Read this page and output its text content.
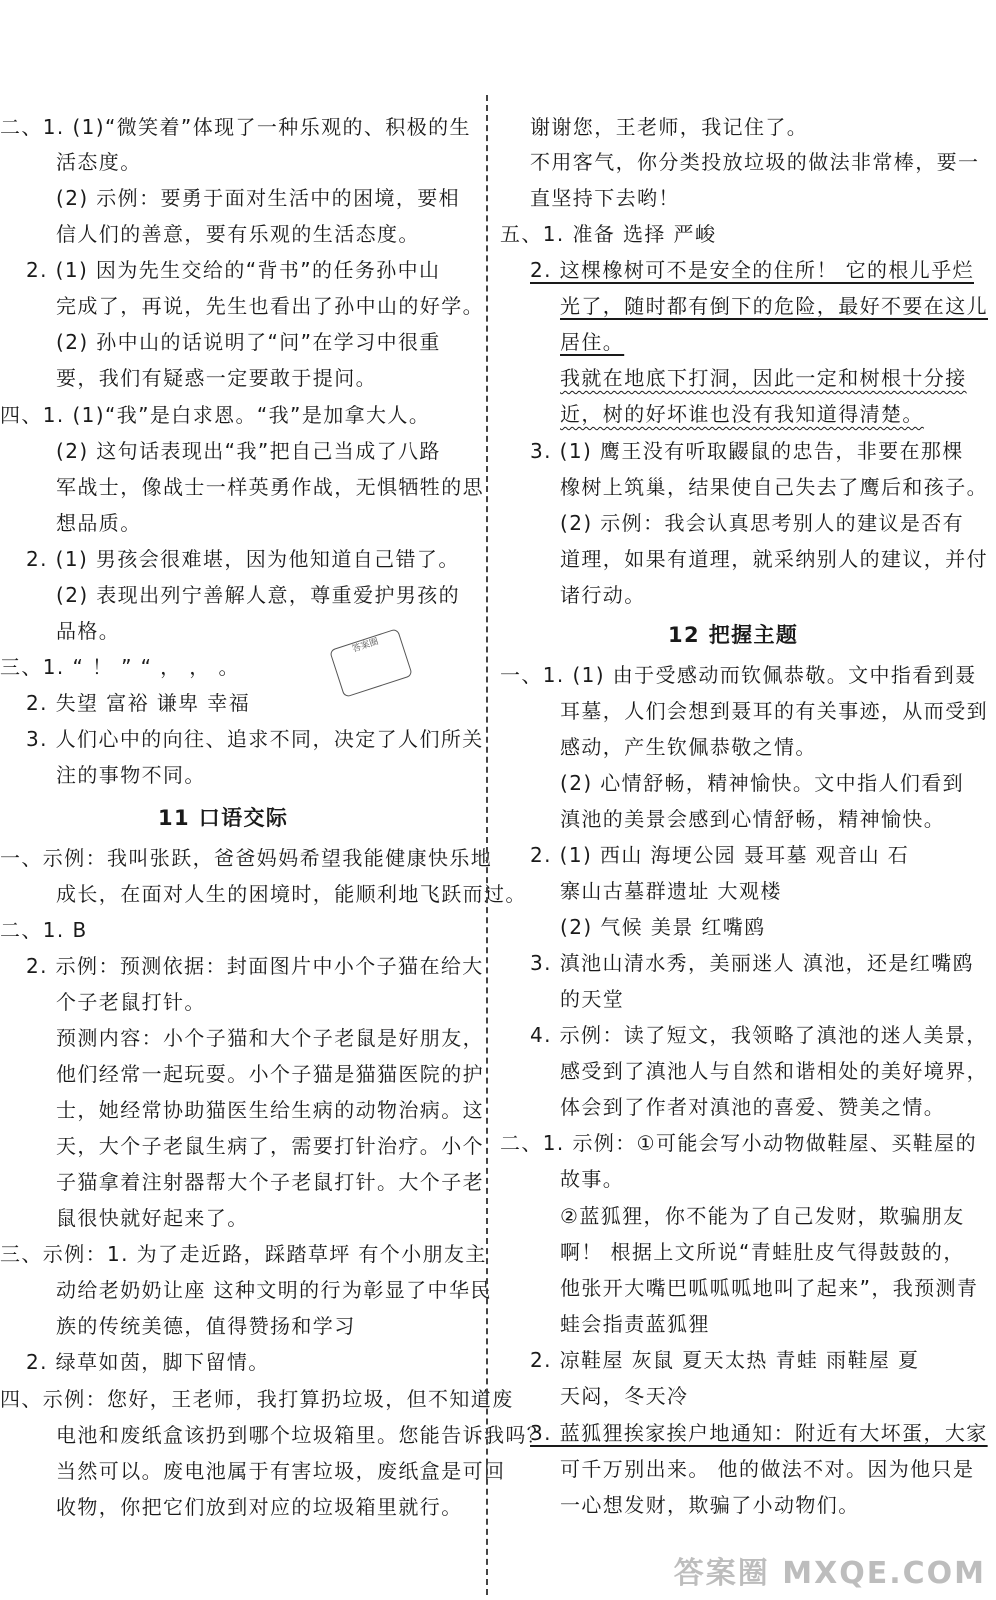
二、1. (1)“微笑着”体现了一种乐观的、积极的生
活态度。
(2) 示例：要勇于面对生活中的困境，要相
信人们的善意，要有乐观的生活态度。
2. (1) 因为先生交给的“背书”的任务孙中山
完成了，再说，先生也看出了孙中山的好学。
(2) 孙中山的话说明了“问”在学习中很重
要，我们有疑惑一定要敢于提问。
四、1. (1)“我”是白求恩。“我”是加拿大人。
(2) 这句话表现出“我”把自己当成了八路
军战士，像战士一样英勇作战，无惧牺牲的思
想品质。
2. (1) 男孩会很难堪，因为他知道自己错了。
(2) 表现出列宁善解人意，尊重爱护男孩的
品格。
三、1. “ ！ ” “ ， ， 。
2. 失望 富裕 谦卑 幸福
3. 人们心中的向往、追求不同，决定了人们所关
注的事物不同。
11 口语交际
一、示例：我叫张跃，爸爸妈妈希望我能健康快乐地
成长，在面对人生的困境时，能顺利地飞跃而过。
二、1. B
2. 示例：预测依据：封面图片中小个子猫在给大
个子老鼠打针。
预测内容：小个子猫和大个子老鼠是好朋友，
他们经常一起玩耍。小个子猫是猫猫医院的护
士，她经常协助猫医生给生病的动物治病。这
天，大个子老鼠生病了，需要打针治疗。小个
子猫拿着注射器帮大个子老鼠打针。大个子老
鼠很快就好起来了。
三、示例：1. 为了走近路，踩踏草坪 有个小朋友主
动给老奶奶让座 这种文明的行为彰显了中华民
族的传统美德，值得赞扬和学习
2. 绿草如茵，脚下留情。
四、示例：您好，王老师，我打算扔垃圾，但不知道废
电池和废纸盒该扔到哪个垃圾箱里。您能告诉我吗？
当然可以。废电池属于有害垃圾，废纸盒是可回
收物，你把它们放到对应的垃圾箱里就行。
谢谢您，王老师，我记住了。
不用客气，你分类投放垃圾的做法非常棒，要一
直坚持下去哟！
五、1. 准备 选择 严峻
2. 这棵橡树可不是安全的住所！ 它的根儿乎烂
光了，随时都有倒下的危险，最好不要在这儿
居住。
我就在地底下打洞，因此一定和树根十分接
近，树的好坏谁也没有我知道得清楚。
3. (1) 鹰王没有听取鼹鼠的忠告，非要在那棵
橡树上筑巢，结果使自己失去了鹰后和孩子。
(2) 示例：我会认真思考别人的建议是否有
道理，如果有道理，就采纳别人的建议，并付
诸行动。
12 把握主题
一、1. (1) 由于受感动而钦佩恭敬。文中指看到聂
耳墓，人们会想到聂耳的有关事迹，从而受到
感动，产生钦佩恭敬之情。
(2) 心情舒畅，精神愉快。文中指人们看到
滇池的美景会感到心情舒畅，精神愉快。
2. (1) 西山 海埂公园 聂耳墓 观音山 石
寨山古墓群遗址 大观楼
(2) 气候 美景 红嘴鸥
3. 滇池山清水秀，美丽迷人 滇池，还是红嘴鸥
的天堂
4. 示例：读了短文，我领略了滇池的迷人美景，
感受到了滇池人与自然和谐相处的美好境界，
体会到了作者对滇池的喜爱、赞美之情。
二、1. 示例：①可能会写小动物做鞋屋、买鞋屋的
故事。
②蓝狐狸，你不能为了自己发财，欺骗朋友
啊！ 根据上文所说“青蛙肚皮气得鼓鼓的，
他张开大嘴巴呱呱呱地叫了起来”，我预测青
蛙会指责蓝狐狸
2. 凉鞋屋 灰鼠 夏天太热 青蛙 雨鞋屋 夏
天闷，冬天冷
3. 蓝狐狸挨家挨户地通知：附近有大坏蛋，大家
可千万别出来。 他的做法不对。因为他只是
一心想发财，欺骗了小动物们。
答案圈
答案圈 MXQE.COM
